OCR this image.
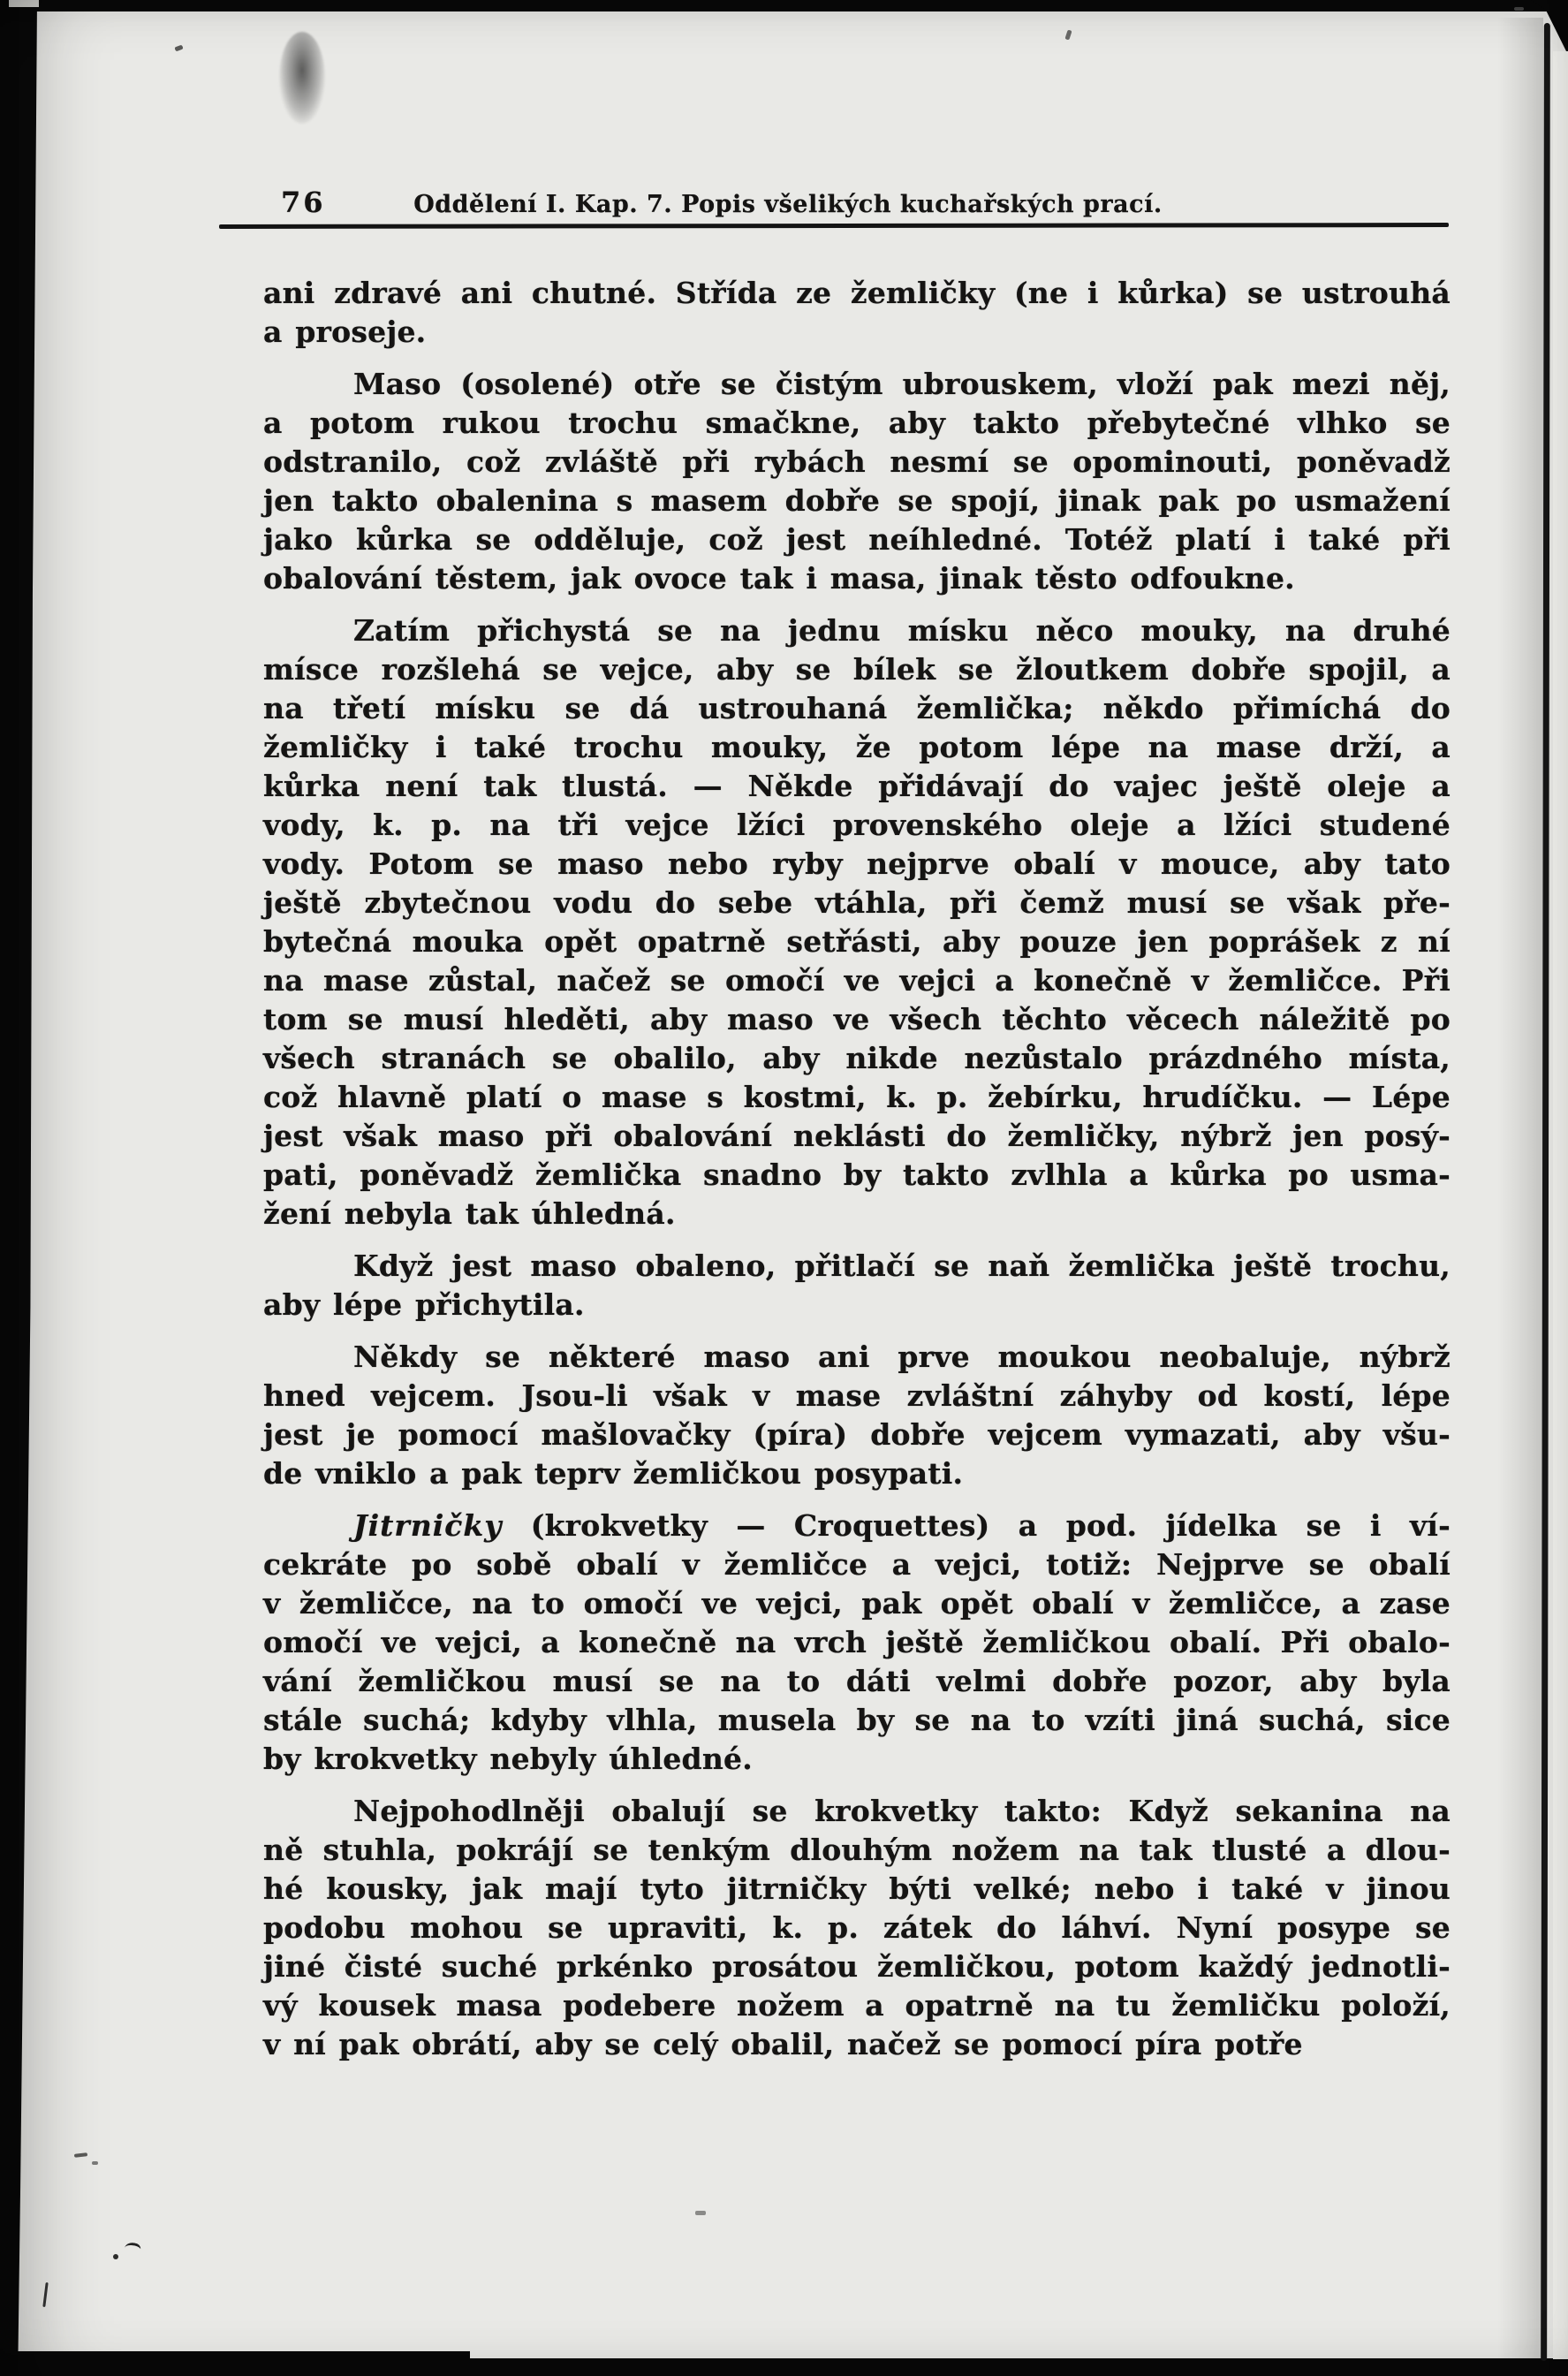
76	Oddělení I. Kap. 7. Popis všelikých kuchařských prací.
ani zdravé ani chutné. Střída ze žemličky (ne i kůrka) se ustrouhá
a proseje.
Maso (osolené) otře se čistým ubrouskem, vloží pak mezi něj,
a potom rukou trochu smačkne, aby takto přebytečné vlhko se
odstranilo, což zvláště při rybách nesmí se opominouti, poněvadž
jen takto obalenina s masem dobře se spojí, jinak pak po usmažení
jako kůrka se odděluje, což jest neíhledné. Totéž platí i také při
obalování těstem, jak ovoce tak i masa, jinak těsto odfoukne.
Zatím přichystá se na jednu mísku něco mouky, na druhé
mísce rozšlehá se vejce, aby se bílek se žloutkem dobře spojil, a
na třetí mísku se dá ustrouhaná žemlička; někdo přimíchá do
žemličky i také trochu mouky, že potom lépe na mase drží, a
kůrka není tak tlustá. — Někde přidávají do vajec ještě oleje a
vody, k. p. na tři vejce lžíci provenského oleje a lžíci studené
vody. Potom se maso nebo ryby nejprve obalí v mouce, aby tato
ještě zbytečnou vodu do sebe vtáhla, při čemž musí se však pře-
bytečná mouka opět opatrně setřásti, aby pouze jen poprášek z ní
na mase zůstal, načež se omočí ve vejci a konečně v žemličce. Při
tom se musí hleděti, aby maso ve všech těchto věcech náležitě po
všech stranách se obalilo, aby nikde nezůstalo prázdného místa,
což hlavně platí o mase s kostmi, k. p. žebírku, hrudíčku. — Lépe
jest však maso při obalování neklásti do žemličky, nýbrž jen posý-
pati, poněvadž žemlička snadno by takto zvlhla a kůrka po usma-
žení nebyla tak úhledná.
Když jest maso obaleno, přitlačí se naň žemlička ještě trochu,
aby lépe přichytila.
Někdy se některé maso ani prve moukou neobaluje, nýbrž
hned vejcem. Jsou-li však v mase zvláštní záhyby od kostí, lépe
jest je pomocí mašlovačky (píra) dobře vejcem vymazati, aby všu-
de vniklo a pak teprv žemličkou posypati.
Jitrničky (krokvetky — Croquettes) a pod. jídelka se i ví-
cekráte po sobě obalí v žemličce a vejci, totiž: Nejprve se obalí
v žemličce, na to omočí ve vejci, pak opět obalí v žemličce, a zase
omočí ve vejci, a konečně na vrch ještě žemličkou obalí. Při obalo-
vání žemličkou musí se na to dáti velmi dobře pozor, aby byla
stále suchá; kdyby vlhla, musela by se na to vzíti jiná suchá, sice
by krokvetky nebyly úhledné.
Nejpohodlněji obalují se krokvetky takto: Když sekanina na
ně stuhla, pokrájí se tenkým dlouhým nožem na tak tlusté a dlou-
hé kousky, jak mají tyto jitrničky býti velké; nebo i také v jinou
podobu mohou se upraviti, k. p. zátek do láhví. Nyní posype se
jiné čisté suché prkénko prosátou žemličkou, potom každý jednotli-
vý kousek masa podebere nožem a opatrně na tu žemličku položí,
v ní pak obrátí, aby se celý obalil, načež se pomocí píra potře
